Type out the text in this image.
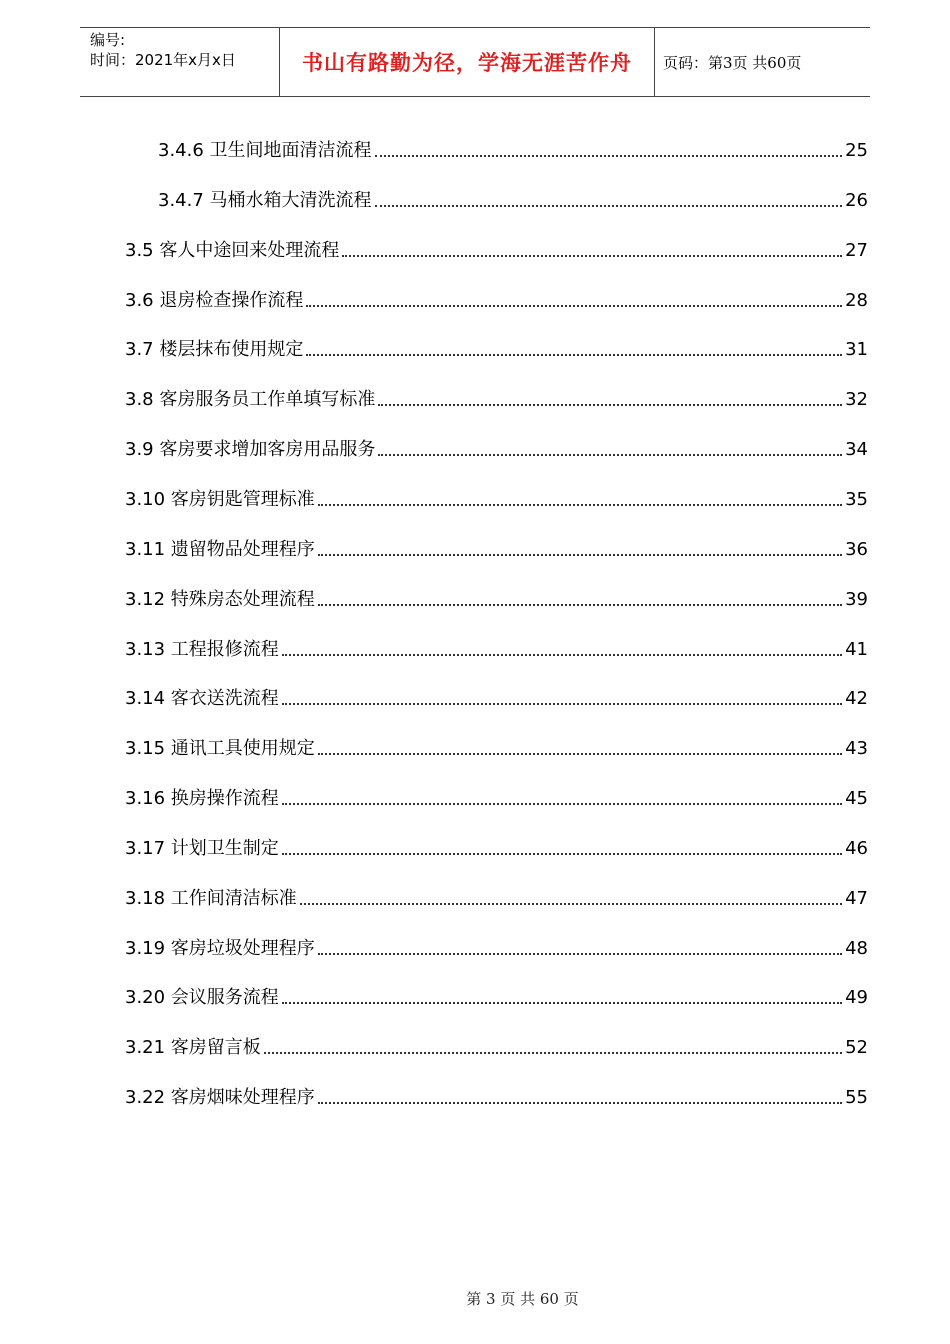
编号:
时间：2021年x月x日	书山有路勤为径，学海无涯苦作舟	页码：第3页 共60页
3.4.6 卫生间地面清洁流程	25
3.4.7 马桶水箱大清洗流程	26
3.5 客人中途回来处理流程	27
3.6 退房检查操作流程	28
3.7 楼层抹布使用规定	31
3.8 客房服务员工作单填写标准	32
3.9 客房要求增加客房用品服务	34
3.10 客房钥匙管理标准	35
3.11 遗留物品处理程序	36
3.12 特殊房态处理流程	39
3.13 工程报修流程	41
3.14 客衣送洗流程	42
3.15 通讯工具使用规定	43
3.16 换房操作流程	45
3.17 计划卫生制定	46
3.18 工作间清洁标准	47
3.19 客房垃圾处理程序	48
3.20 会议服务流程	49
3.21 客房留言板	52
3.22 客房烟味处理程序	55
第 3 页 共 60 页
